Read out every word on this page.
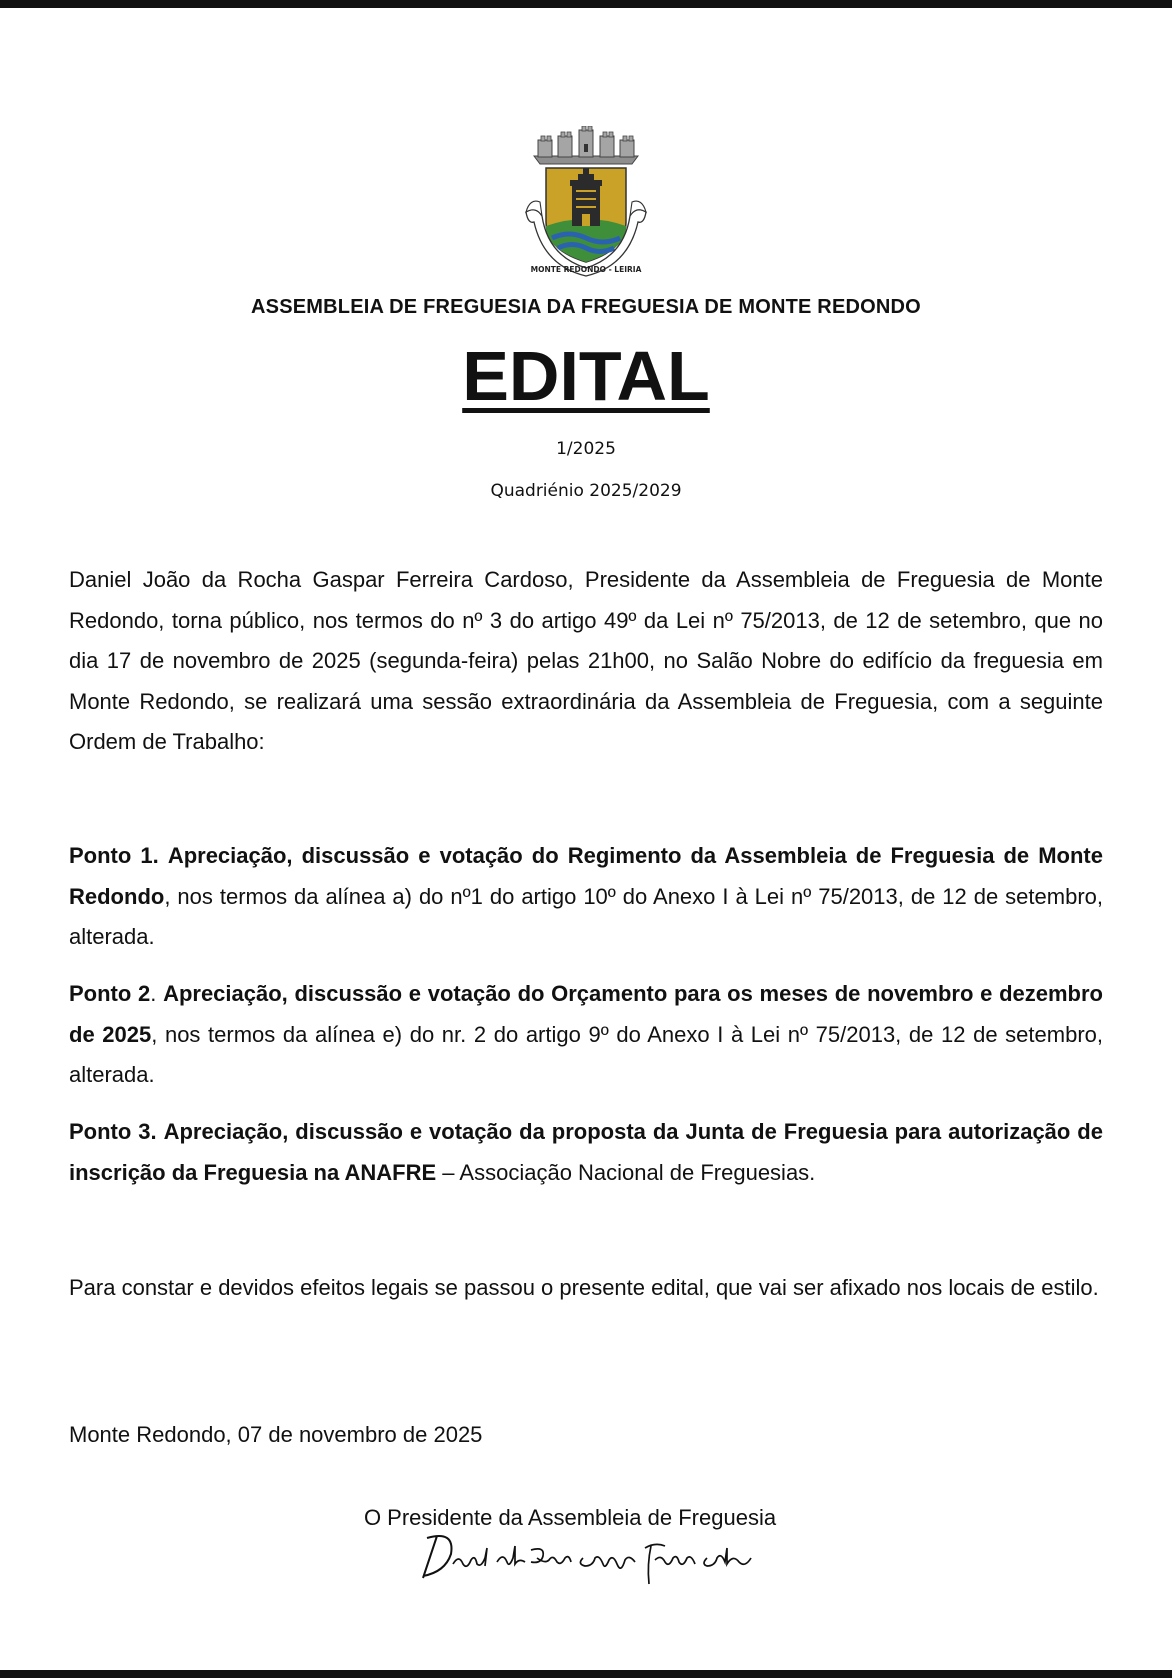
MONTE REDONDO - LEIRIA
ASSEMBLEIA DE FREGUESIA DA FREGUESIA DE MONTE REDONDO
EDITAL
1/2025
Quadriénio 2025/2029

Daniel João da Rocha Gaspar Ferreira Cardoso, Presidente da Assembleia de Freguesia de Monte Redondo, torna público, nos termos do nº 3 do artigo 49º da Lei nº 75/2013, de 12 de setembro, que no dia 17 de novembro de 2025 (segunda-feira) pelas 21h00, no Salão Nobre do edifício da freguesia em Monte Redondo, se realizará uma sessão extraordinária da Assembleia de Freguesia, com a seguinte Ordem de Trabalho:

Ponto 1. Apreciação, discussão e votação do Regimento da Assembleia de Freguesia de Monte Redondo, nos termos da alínea a) do nº1 do artigo 10º do Anexo I à Lei nº 75/2013, de 12 de setembro, alterada.

Ponto 2. Apreciação, discussão e votação do Orçamento para os meses de novembro e dezembro de 2025, nos termos da alínea e) do nr. 2 do artigo 9º do Anexo I à Lei nº 75/2013, de 12 de setembro, alterada.

Ponto 3. Apreciação, discussão e votação da proposta da Junta de Freguesia para autorização de inscrição da Freguesia na ANAFRE – Associação Nacional de Freguesias.

Para constar e devidos efeitos legais se passou o presente edital, que vai ser afixado nos locais de estilo.

Monte Redondo, 07 de novembro de 2025
O Presidente da Assembleia de Freguesia
